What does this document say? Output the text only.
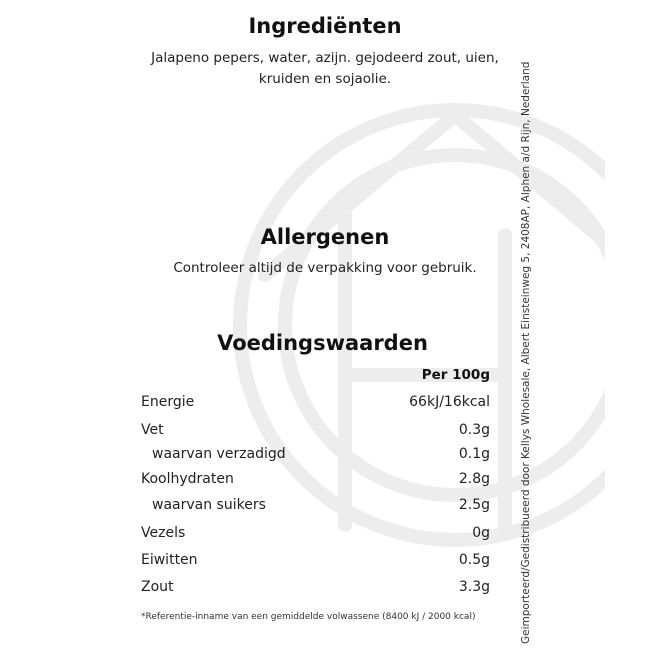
Ingrediënten
Jalapeno pepers, water, azijn. gejodeerd zout, uien,
kruiden en sojaolie.
Allergenen
Controleer altijd de verpakking voor gebruik.
Voedingswaarden
Per 100g
Energie	66kJ/16kcal
Vet	0.3g
waarvan verzadigd	0.1g
Koolhydraten	2.8g
waarvan suikers	2.5g
Vezels	0g
Eiwitten	0.5g
Zout	3.3g
*Referentie-inname van een gemiddelde volwassene (8400 kJ / 2000 kcal)	Geimporteerd/Gedistribueerd door Kellys Wholesale, Albert Einsteinweg 5, 2408AP, Alphen a/d Rijn, Nederland
